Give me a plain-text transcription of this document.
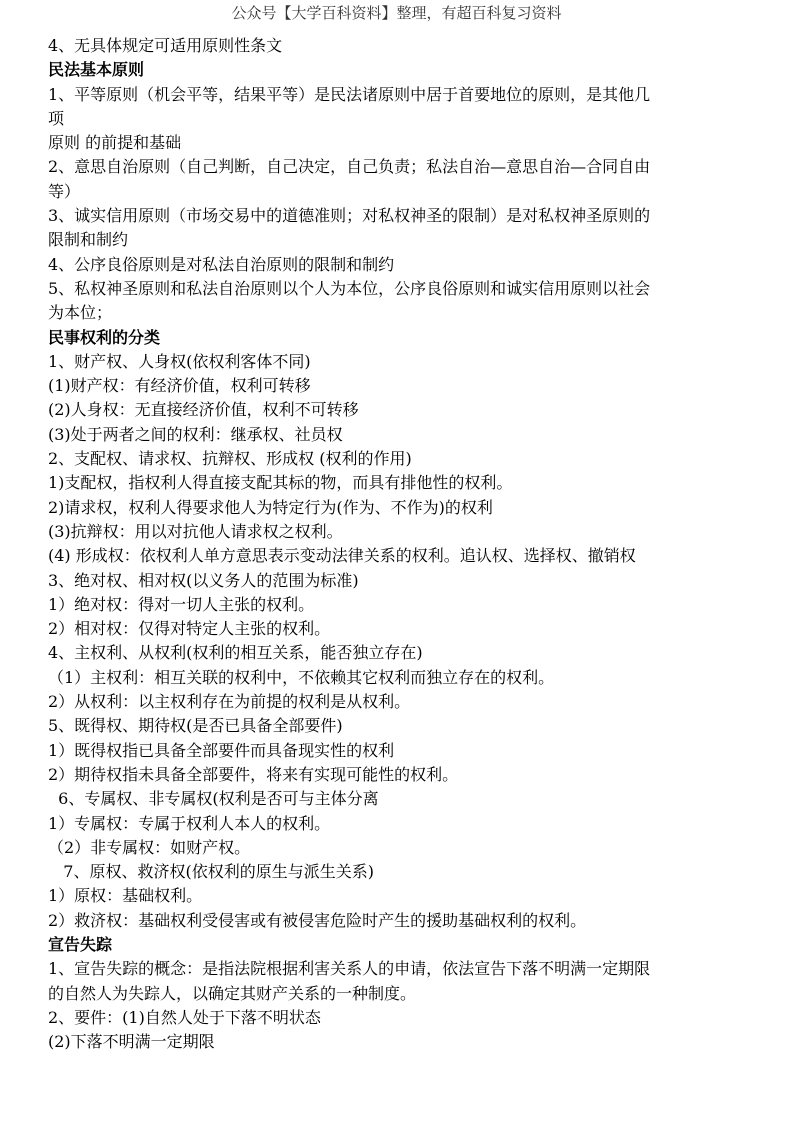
公众号【大学百科资料】整理，有超百科复习资料
4、无具体规定可适用原则性条文
民法基本原则
1、平等原则（机会平等，结果平等）是民法诸原则中居于首要地位的原则，是其他几
项
原则 的前提和基础
2、意思自治原则（自己判断，自己决定，自己负责；私法自治—意思自治—合同自由
等）
3、诚实信用原则（市场交易中的道德准则；对私权神圣的限制）是对私权神圣原则的
限制和制约
4、公序良俗原则是对私法自治原则的限制和制约
5、私权神圣原则和私法自治原则以个人为本位，公序良俗原则和诚实信用原则以社会
为本位；
民事权利的分类
1、财产权、人身权(依权利客体不同)
(1)财产权：有经济价值，权利可转移
(2)人身权：无直接经济价值，权利不可转移
(3)处于两者之间的权利：继承权、社员权
2、支配权、请求权、抗辩权、形成权 (权利的作用)
1)支配权，指权利人得直接支配其标的物，而具有排他性的权利。
2)请求权，权利人得要求他人为特定行为(作为、不作为)的权利
(3)抗辩权：用以对抗他人请求权之权利。
(4) 形成权：依权利人单方意思表示变动法律关系的权利。追认权、选择权、撤销权
3、绝对权、相对权(以义务人的范围为标准)
1）绝对权：得对一切人主张的权利。
2）相对权：仅得对特定人主张的权利。
4、主权利、从权利(权利的相互关系，能否独立存在)
（1）主权利：相互关联的权利中，不依赖其它权利而独立存在的权利。
2）从权利：以主权利存在为前提的权利是从权利。
5、既得权、期待权(是否已具备全部要件)
1）既得权指已具备全部要件而具备现实性的权利
2）期待权指未具备全部要件，将来有实现可能性的权利。
6、专属权、非专属权(权利是否可与主体分离
1）专属权：专属于权利人本人的权利。
（2）非专属权：如财产权。
7、原权、救济权(依权利的原生与派生关系)
1）原权：基础权利。
2）救济权：基础权利受侵害或有被侵害危险时产生的援助基础权利的权利。
宣告失踪
1、宣告失踪的概念：是指法院根据利害关系人的申请，依法宣告下落不明满一定期限
的自然人为失踪人，以确定其财产关系的一种制度。
2、要件：(1)自然人处于下落不明状态
(2)下落不明满一定期限
